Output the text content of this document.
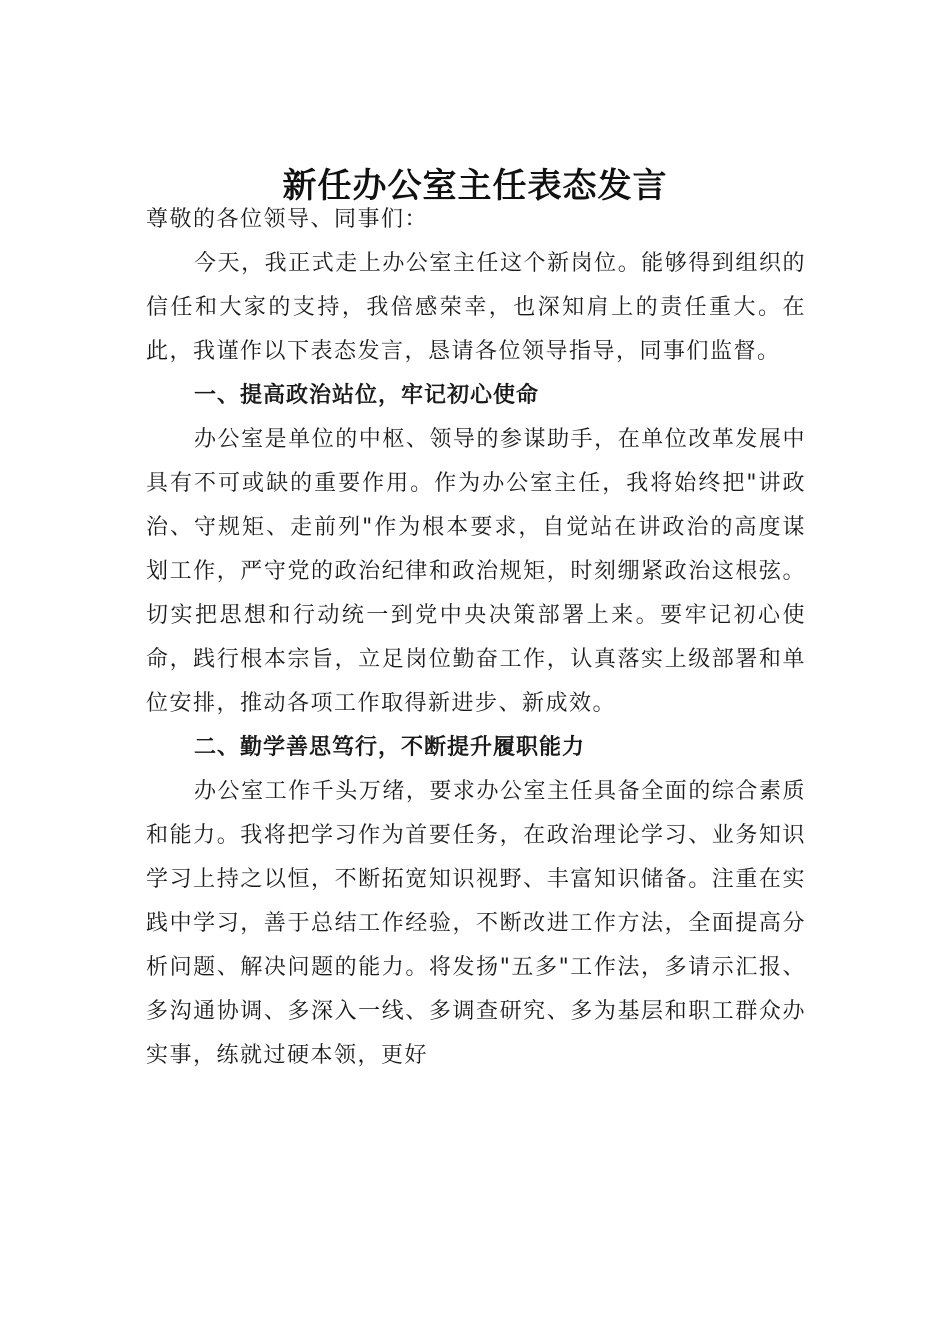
新任办公室主任表态发言

尊敬的各位领导、同事们：

今天，我正式走上办公室主任这个新岗位。能够得到组织的信任和大家的支持，我倍感荣幸，也深知肩上的责任重大。在此，我谨作以下表态发言，恳请各位领导指导，同事们监督。

一、提高政治站位，牢记初心使命

办公室是单位的中枢、领导的参谋助手，在单位改革发展中具有不可或缺的重要作用。作为办公室主任，我将始终把"讲政治、守规矩、走前列"作为根本要求，自觉站在讲政治的高度谋划工作，严守党的政治纪律和政治规矩，时刻绷紧政治这根弦。切实把思想和行动统一到党中央决策部署上来。要牢记初心使命，践行根本宗旨，立足岗位勤奋工作，认真落实上级部署和单位安排，推动各项工作取得新进步、新成效。

二、勤学善思笃行，不断提升履职能力

办公室工作千头万绪，要求办公室主任具备全面的综合素质和能力。我将把学习作为首要任务，在政治理论学习、业务知识学习上持之以恒，不断拓宽知识视野、丰富知识储备。注重在实践中学习，善于总结工作经验，不断改进工作方法，全面提高分析问题、解决问题的能力。将发扬"五多"工作法，多请示汇报、多沟通协调、多深入一线、多调查研究、多为基层和职工群众办实事，练就过硬本领，更好
